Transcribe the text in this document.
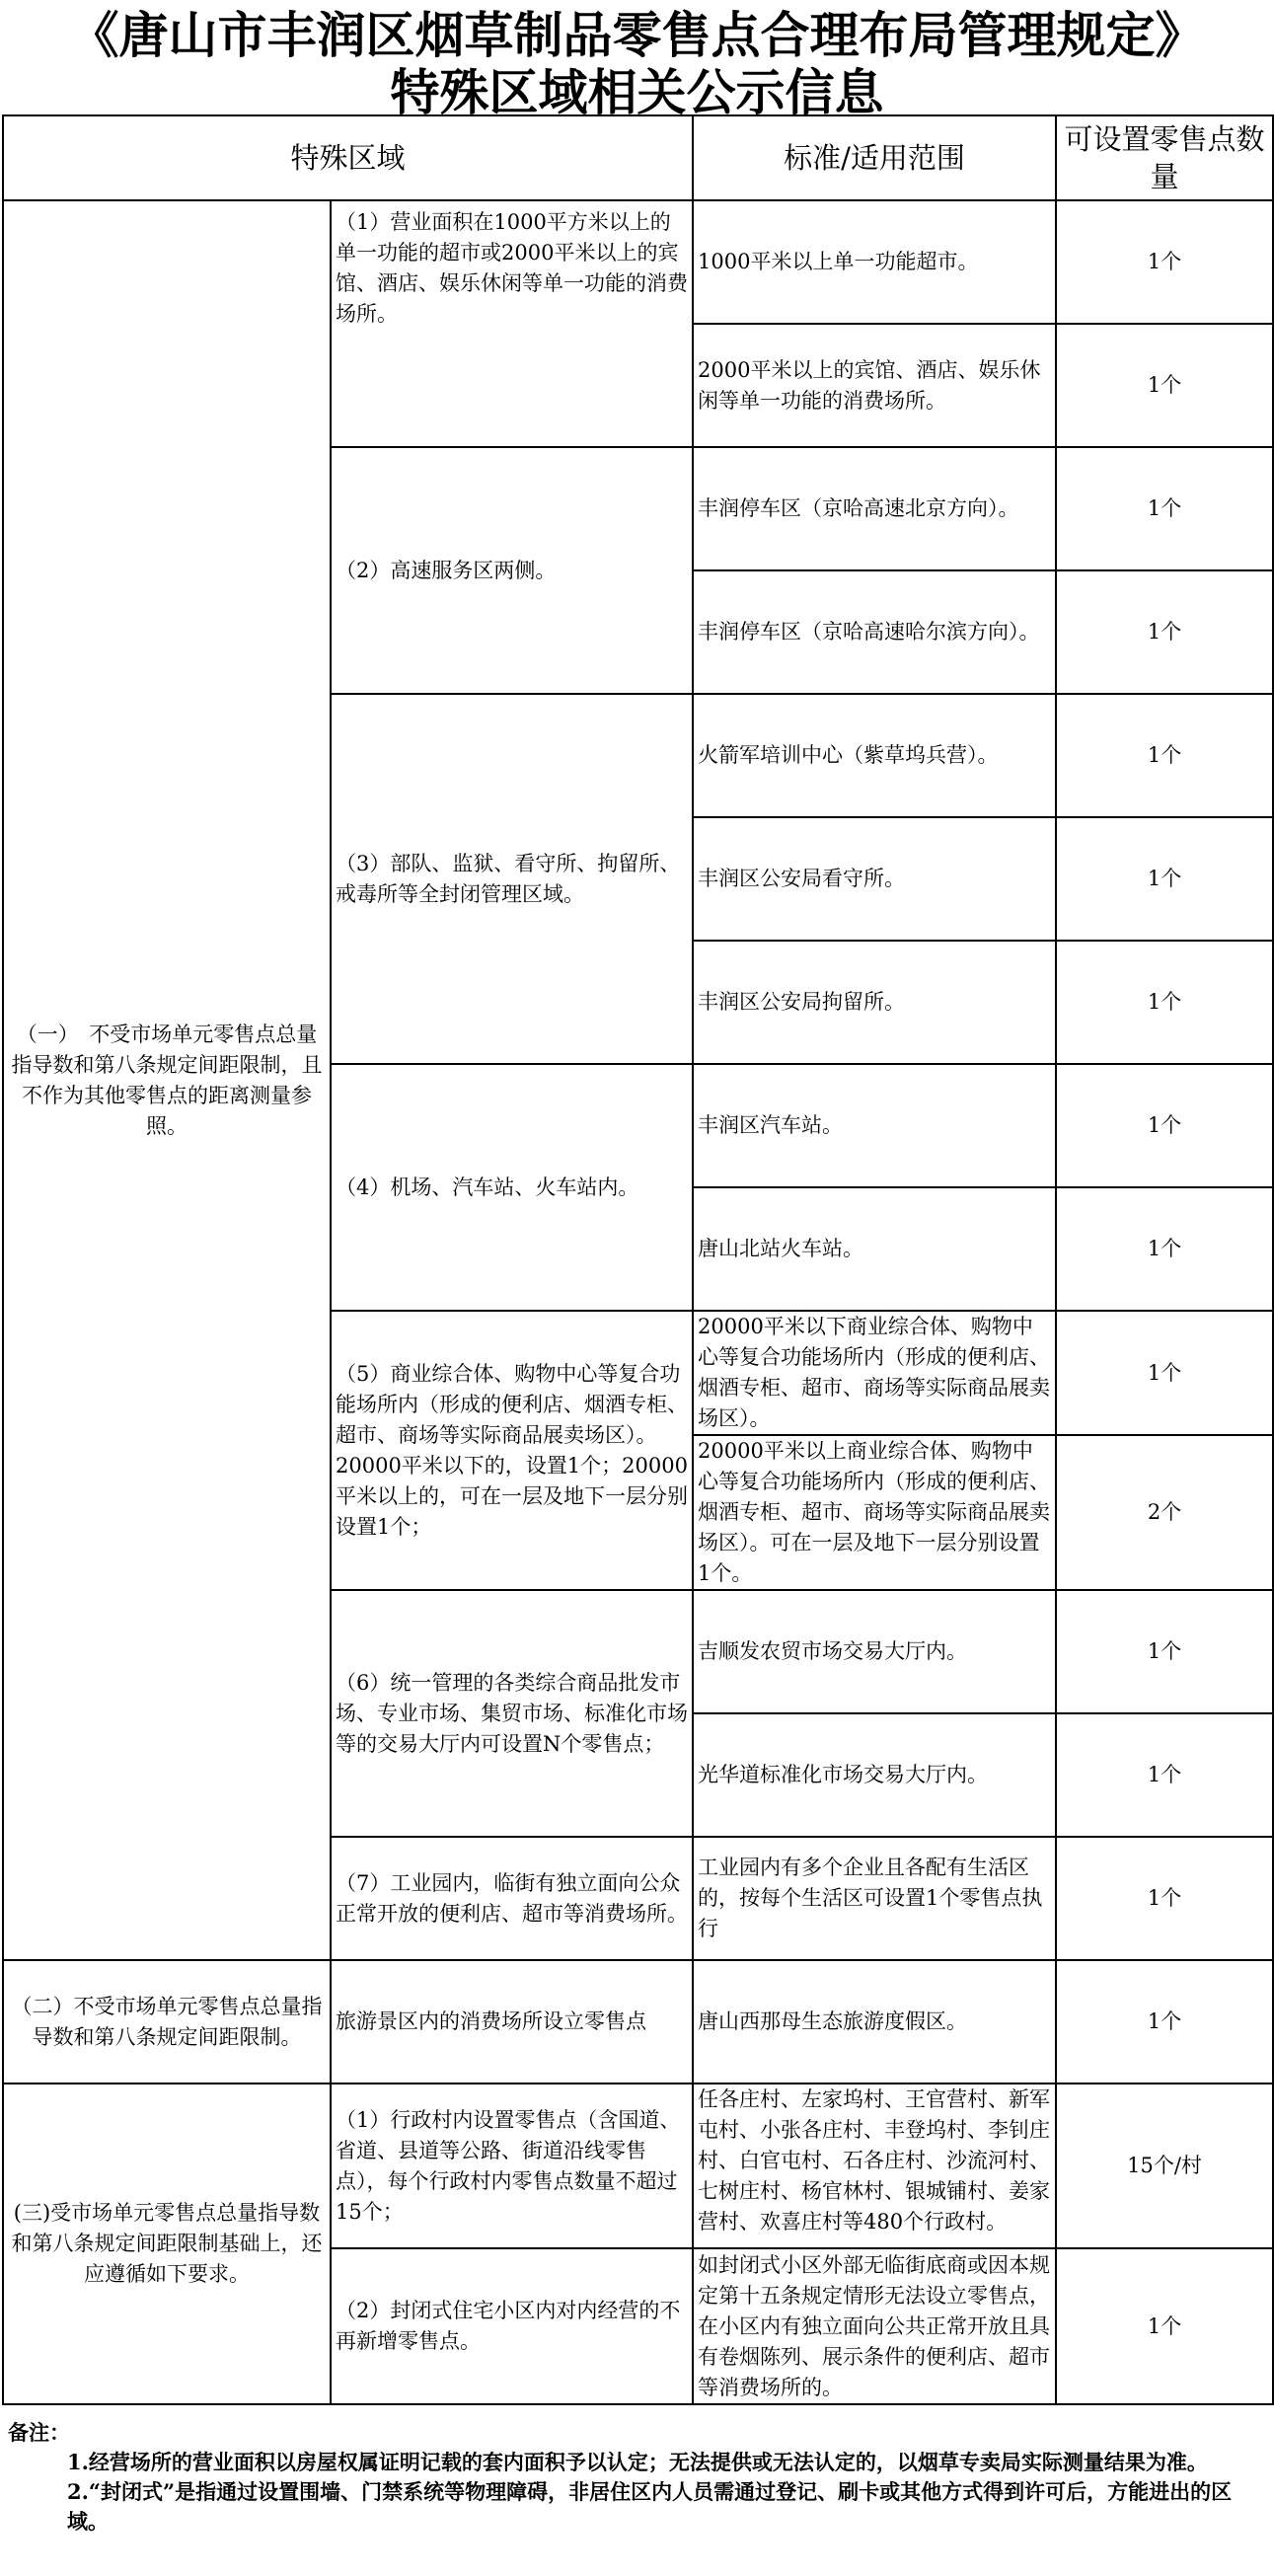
《唐山市丰润区烟草制品零售点合理布局管理规定》
特殊区域相关公示信息
特殊区域		标准/适用范围	可设置零售点数量
（一）　不受市场单元零售点总量指导数和第八条规定间距限制，且不作为其他零售点的距离测量参照。	（1）营业面积在1000平方米以上的单一功能的超市或2000平米以上的宾馆、酒店、娱乐休闲等单一功能的消费场所。	1000平米以上单一功能超市。	1个
		2000平米以上的宾馆、酒店、娱乐休闲等单一功能的消费场所。	1个
	（2）高速服务区两侧。	丰润停车区（京哈高速北京方向）。	1个
		丰润停车区（京哈高速哈尔滨方向）。	1个
	（3）部队、监狱、看守所、拘留所、戒毒所等全封闭管理区域。	火箭军培训中心（紫草坞兵营）。	1个
		丰润区公安局看守所。	1个
		丰润区公安局拘留所。	1个
	（4）机场、汽车站、火车站内。	丰润区汽车站。	1个
		唐山北站火车站。	1个
	（5）商业综合体、购物中心等复合功能场所内（形成的便利店、烟酒专柜、超市、商场等实际商品展卖场区）。20000平米以下的，设置1个；20000平米以上的，可在一层及地下一层分别设置1个；	20000平米以下商业综合体、购物中心等复合功能场所内（形成的便利店、烟酒专柜、超市、商场等实际商品展卖场区）。	1个
		20000平米以上商业综合体、购物中心等复合功能场所内（形成的便利店、烟酒专柜、超市、商场等实际商品展卖场区）。可在一层及地下一层分别设置1个。	2个
	（6）统一管理的各类综合商品批发市场、专业市场、集贸市场、标准化市场等的交易大厅内可设置N个零售点；	吉顺发农贸市场交易大厅内。	1个
		光华道标准化市场交易大厅内。	1个
	（7）工业园内，临街有独立面向公众正常开放的便利店、超市等消费场所。	工业园内有多个企业且各配有生活区的，按每个生活区可设置1个零售点执行	1个
（二）不受市场单元零售点总量指导数和第八条规定间距限制。	旅游景区内的消费场所设立零售点	唐山西那母生态旅游度假区。	1个
(三)受市场单元零售点总量指导数和第八条规定间距限制基础上，还应遵循如下要求。	（1）行政村内设置零售点（含国道、省道、县道等公路、街道沿线零售点），每个行政村内零售点数量不超过15个；	任各庄村、左家坞村、王官营村、新军屯村、小张各庄村、丰登坞村、李钊庄村、白官屯村、石各庄村、沙流河村、七树庄村、杨官林村、银城铺村、姜家营村、欢喜庄村等480个行政村。	15个/村
	（2）封闭式住宅小区内对内经营的不再新增零售点。	如封闭式小区外部无临街底商或因本规定第十五条规定情形无法设立零售点，在小区内有独立面向公共正常开放且具有卷烟陈列、展示条件的便利店、超市等消费场所的。	1个
备注：
1.经营场所的营业面积以房屋权属证明记载的套内面积予以认定；无法提供或无法认定的，以烟草专卖局实际测量结果为准。
2.“封闭式”是指通过设置围墙、门禁系统等物理障碍，非居住区内人员需通过登记、刷卡或其他方式得到许可后，方能进出的区域。
